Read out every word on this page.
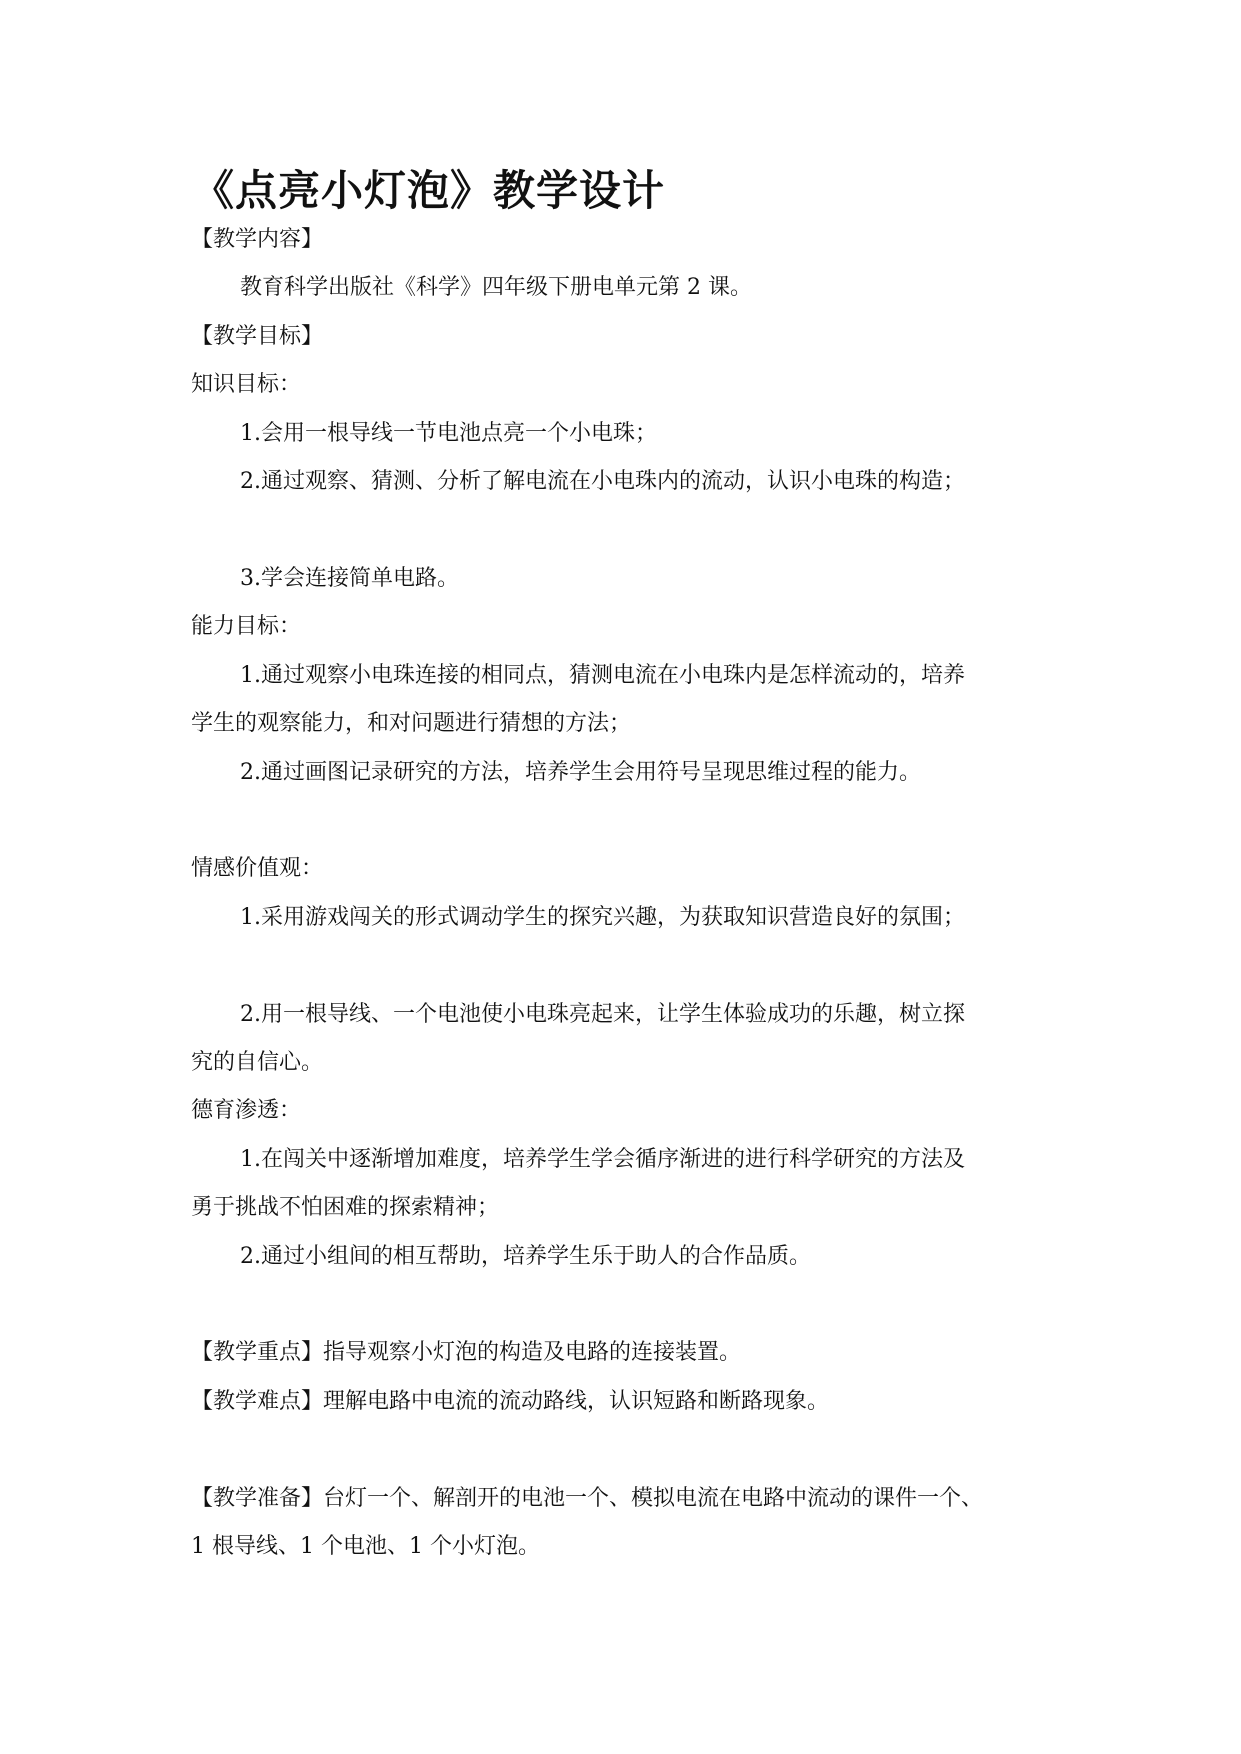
《点亮小灯泡》教学设计
【教学内容】
教育科学出版社《科学》四年级下册电单元第 2 课。
【教学目标】
知识目标：
1.会用一根导线一节电池点亮一个小电珠；
2.通过观察、猜测、分析了解电流在小电珠内的流动，认识小电珠的构造；
3.学会连接简单电路。
能力目标：
1.通过观察小电珠连接的相同点，猜测电流在小电珠内是怎样流动的，培养
学生的观察能力，和对问题进行猜想的方法；
2.通过画图记录研究的方法，培养学生会用符号呈现思维过程的能力。
情感价值观：
1.采用游戏闯关的形式调动学生的探究兴趣，为获取知识营造良好的氛围；
2.用一根导线、一个电池使小电珠亮起来，让学生体验成功的乐趣，树立探
究的自信心。
德育渗透：
1.在闯关中逐渐增加难度，培养学生学会循序渐进的进行科学研究的方法及
勇于挑战不怕困难的探索精神；
2.通过小组间的相互帮助，培养学生乐于助人的合作品质。
【教学重点】指导观察小灯泡的构造及电路的连接装置。
【教学难点】理解电路中电流的流动路线，认识短路和断路现象。
【教学准备】台灯一个、解剖开的电池一个、模拟电流在电路中流动的课件一个、
1 根导线、1 个电池、1 个小灯泡。
